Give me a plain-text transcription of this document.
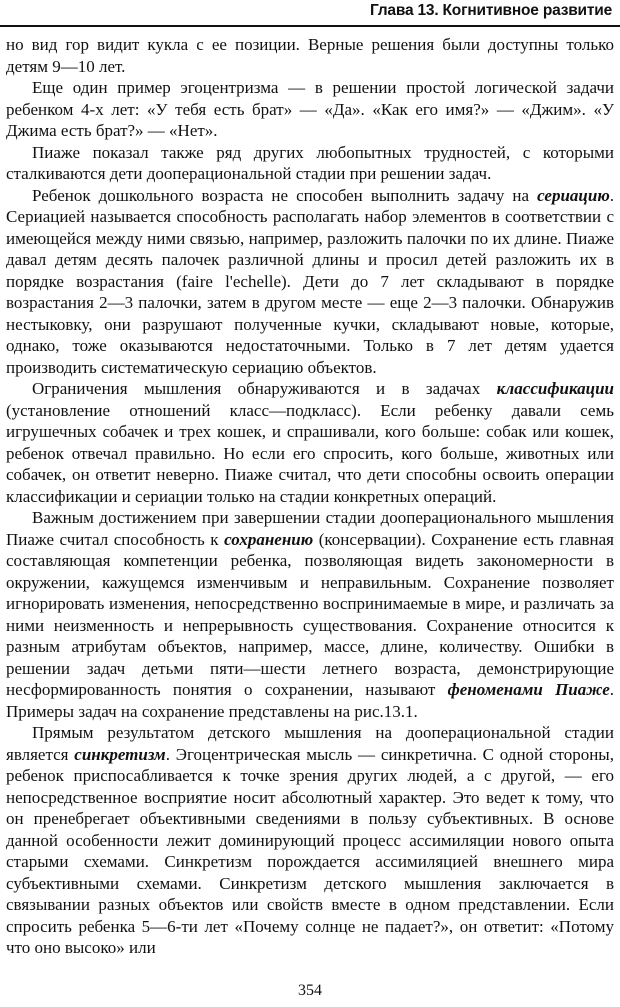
Глава 13. Когнитивное развитие

но вид гор видит кукла с ее позиции. Верные решения были доступны только детям 9—10 лет.

Еще один пример эгоцентризма — в решении простой логической задачи ребенком 4-х лет: «У тебя есть брат» — «Да». «Как его имя?» — «Джим». «У Джима есть брат?» — «Нет».

Пиаже показал также ряд других любопытных трудностей, с которыми сталкиваются дети дооперациональной стадии при решении задач.

Ребенок дошкольного возраста не способен выполнить задачу на сериацию. Сериацией называется способность располагать набор элементов в соответствии с имеющейся между ними связью, например, разложить палочки по их длине. Пиаже давал детям десять палочек различной длины и просил детей разложить их в порядке возрастания (faire l'echelle). Дети до 7 лет складывают в порядке возрастания 2—3 палочки, затем в другом месте — еще 2—3 палочки. Обнаружив нестыковку, они разрушают полученные кучки, складывают новые, которые, однако, тоже оказываются недостаточными. Только в 7 лет детям удается производить систематическую сериацию объектов.

Ограничения мышления обнаруживаются и в задачах классификации (установление отношений класс—подкласс). Если ребенку давали семь игрушечных собачек и трех кошек, и спрашивали, кого больше: собак или кошек, ребенок отвечал правильно. Но если его спросить, кого больше, животных или собачек, он ответит неверно. Пиаже считал, что дети способны освоить операции классификации и сериации только на стадии конкретных операций.

Важным достижением при завершении стадии дооперационального мышления Пиаже считал способность к сохранению (консервации). Сохранение есть главная составляющая компетенции ребенка, позволяющая видеть закономерности в окружении, кажущемся изменчивым и неправильным. Сохранение позволяет игнорировать изменения, непосредственно воспринимаемые в мире, и различать за ними неизменность и непрерывность существования. Сохранение относится к разным атрибутам объектов, например, массе, длине, количеству. Ошибки в решении задач детьми пяти—шести летнего возраста, демонстрирующие несформированность понятия о сохранении, называют феноменами Пиаже. Примеры задач на сохранение представлены на рис.13.1.

Прямым результатом детского мышления на дооперациональной стадии является синкретизм. Эгоцентрическая мысль — синкретична. С одной стороны, ребенок приспосабливается к точке зрения других людей, а с другой, — его непосредственное восприятие носит абсолютный характер. Это ведет к тому, что он пренебрегает объективными сведениями в пользу субъективных. В основе данной особенности лежит доминирующий процесс ассимиляции нового опыта старыми схемами. Синкретизм порождается ассимиляцией внешнего мира субъективными схемами. Синкретизм детского мышления заключается в связывании разных объектов или свойств вместе в одном представлении. Если спросить ребенка 5—6-ти лет «Почему солнце не падает?», он ответит: «Потому что оно высоко» или

354
